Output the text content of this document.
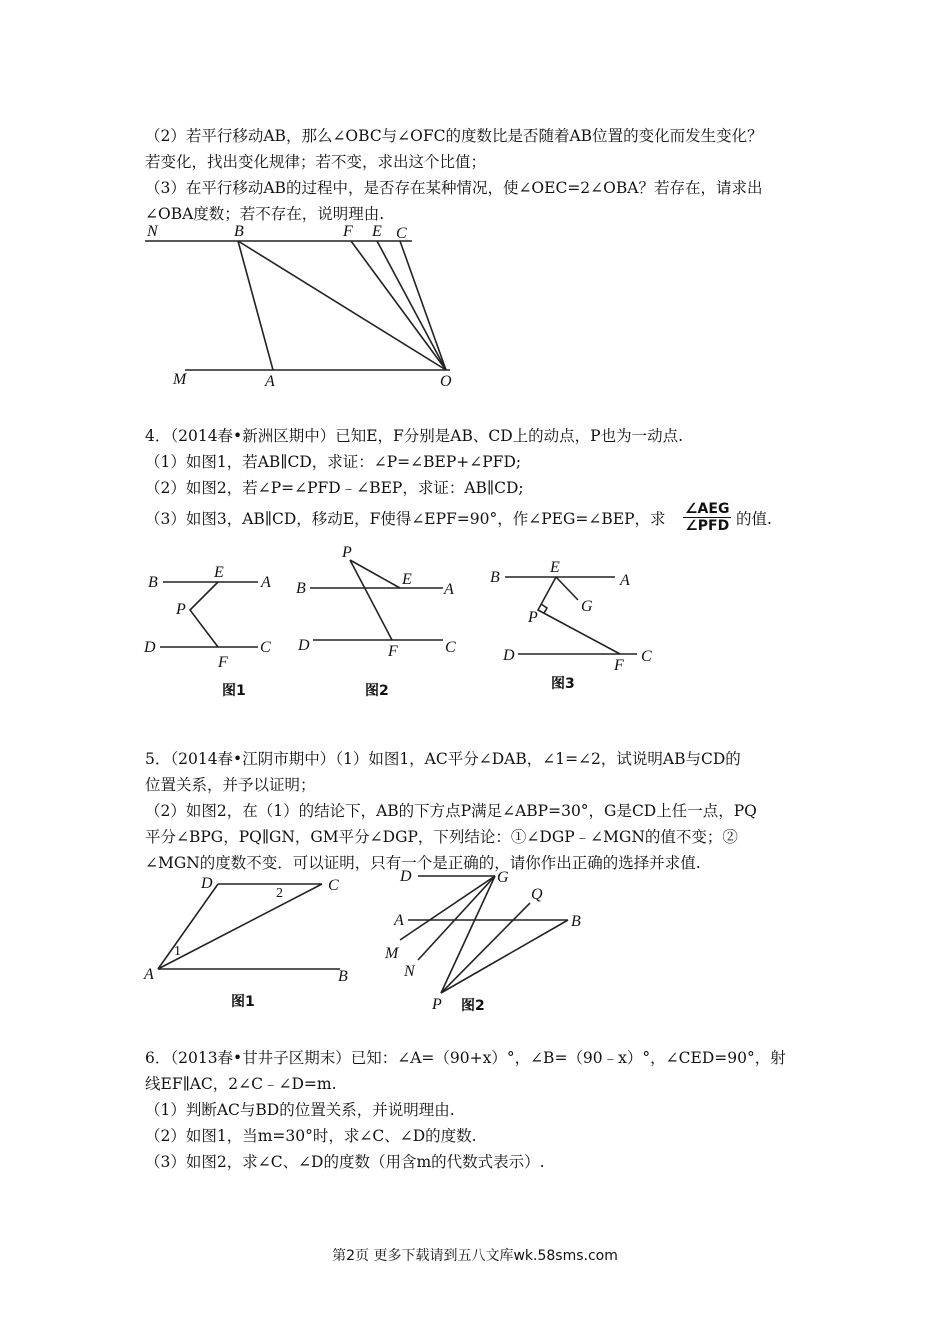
（2）若平行移动AB，那么∠OBC与∠OFC的度数比是否随着AB位置的变化而发生变化？
若变化，找出变化规律；若不变，求出这个比值；
（3）在平行移动AB的过程中，是否存在某种情况，使∠OEC=2∠OBA？若存在，请求出
∠OBA度数；若不存在，说明理由.
N	B	F E C
M	A	O
4．（2014春•新洲区期中）已知E，F分别是AB、CD上的动点，P也为一动点.
（1）如图1，若AB∥CD，求证：∠P=∠BEP+∠PFD;
（2）如图2，若∠P=∠PFD﹣∠BEP，求证：AB∥CD;
（3）如图3，AB∥CD，移动E，F使得∠EPF=90°，作∠PEG=∠BEP，求
∠AEG
∠PFD 的值.
B
E
A
P
D
F
C
图1
P
B
E
A
D	F	C
图2
B
E
A
G
P
D
F
C
图3
5．（2014春•江阴市期中）（1）如图1，AC平分∠DAB，∠1=∠2，试说明AB与CD的
位置关系，并予以证明；
（2）如图2，在（1）的结论下，AB的下方点P满足∠ABP=30°，G是CD上任一点，PQ
平分∠BPG，PQ∥GN，GM平分∠DGP，下列结论：①∠DGP﹣∠MGN的值不变；②
∠MGN的度数不变．可以证明，只有一个是正确的，请你作出正确的选择并求值.
D
2	C
1
A	B
图1
D	G
Q
A	B
M
N
P 图2
6．（2013春•甘井子区期末）已知：∠A=（90+x）°，∠B=（90﹣x）°，∠CED=90°，射
线EF∥AC，2∠C﹣∠D=m.
（1）判断AC与BD的位置关系，并说明理由.
（2）如图1，当m=30°时，求∠C、∠D的度数.
（3）如图2，求∠C、∠D的度数（用含m的代数式表示）.
第2页 更多下载请到五八文库wk.58sms.com
